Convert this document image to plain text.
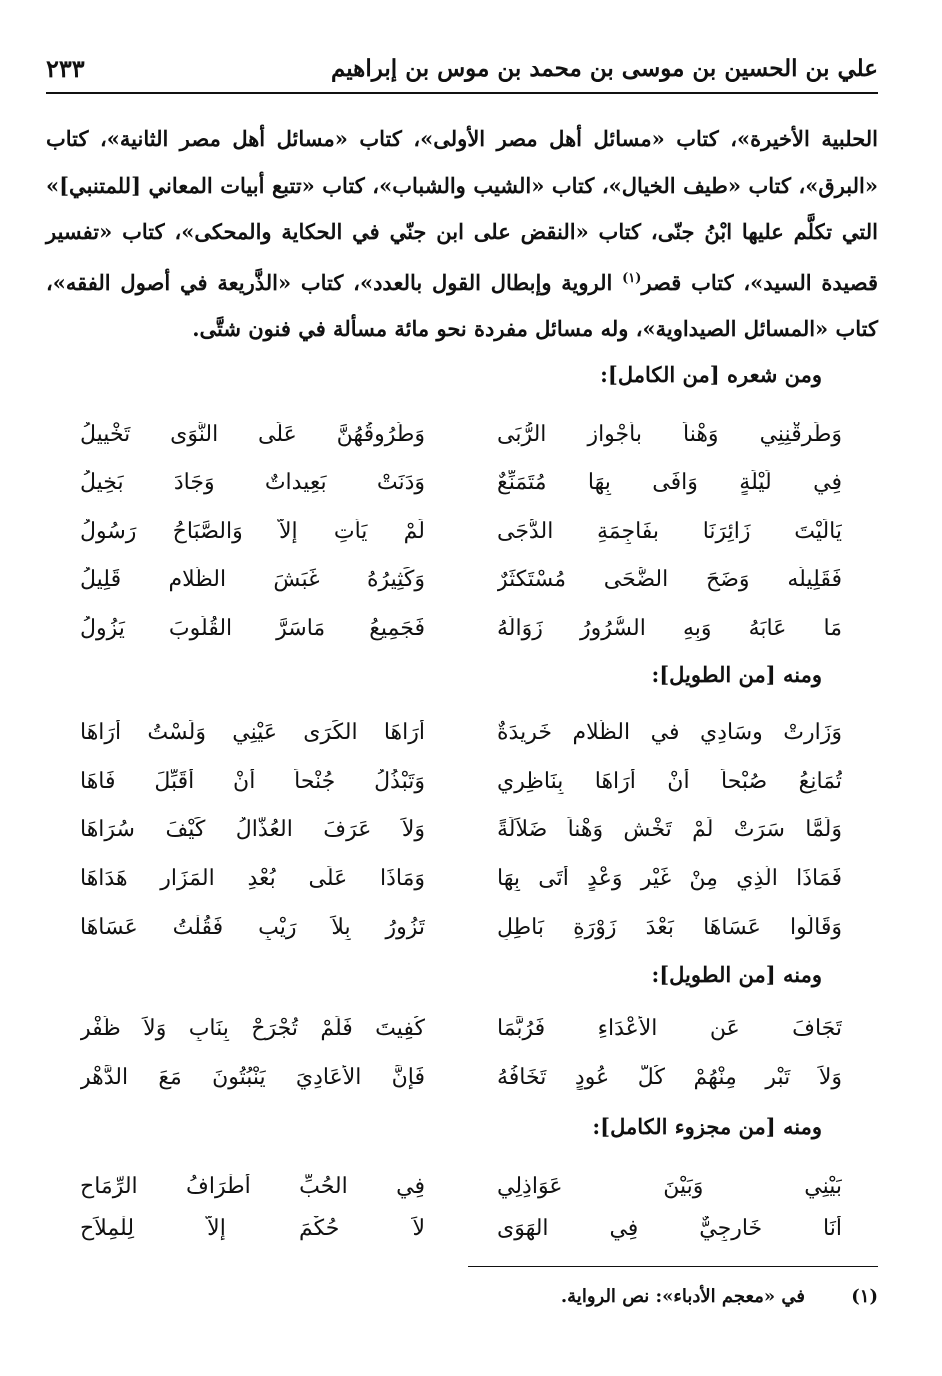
علي بن الحسين بن موسى بن محمد بن موس بن إبراهيم
٢٣٣
الحلبية الأخيرة»، كتاب «مسائل أهل مصر الأولى»، كتاب «مسائل أهل مصر الثانية»، كتاب «البرق»، كتاب «طيف الخيال»، كتاب «الشيب والشباب»، كتاب «تتبع أبيات المعاني [للمتنبي]» التي تكلَّم عليها ابْنُ جنّى، كتاب «النقض على ابن جنّي في الحكاية والمحكى»، كتاب «تفسير قصيدة السيد»، كتاب قصر$^{(١)}$ الروية وإبطال القول بالعدد»، كتاب «الذَّريعة في أصول الفقه»، كتاب «المسائل الصيداوية»، وله مسائل مفردة نحو مائة مسألة في فنون شتَّى.
ومن شعره [من الكامل]:
وَطَرقْنِنِي وَهْناً بأَجْوازِ الرُّبَى
وَطُرُوقُهُنَّ عَلَى النَّوَى تَخْييلُ
فِي لَيْلَةٍ وَافَى بِهَا مُتَمَنِّعٌ
وَدَنَتْ بَعِيداتٌ وَجَادَ بَخِيلُ
يَالَيْتَ زَائِرَنَا بفَاجِمَةِ الدُّجَى
لَمْ يَأْتِ إلاَّ وَالصَّبَاحُ رَسُولُ
فَقَلِيلُه وَضَحَ الضُّحَى مُسْتَكثَرٌ
وَكَثِيرُهُ غَبَشَ الظَّلامِ قَلِيلُ
مَا عَابَهُ وَبِهِ السُّرُورُ زَوَالُهُ
فَجَمِيعُ مَاسَرَّ القُلُوبَ يَزُولُ
ومنه [من الطويل]:
وَزَارتْ وِسَادِي في الظَّلام خَرِيدَةٌ
أَرَاهَا الكَرَى عَيْنِي وَلَسْتُ أَرَاهَا
تُمَانِعُ صُبْحاً أَنْ أَرَاهَا بِنَاظِرِي
وَتَبْذُلُ جُنْحاً أَنْ أُقَبِّلَ فَاهَا
وَلَمَّا سَرَتْ لَمْ تَخْش وَهْناً ضَلاَلَةً
وَلاَ عَرَفَ العُذَّالُ كَيْفَ سُرَاهَا
فَمَاذَا الَّذِي مِنْ غَيْرِ وَعْدٍ أَتَى بِهَا
وَمَاذَا عَلَى بُعْدِ المَزَارِ هَدَاهَا
وَقَالُوا عَسَاهَا بَعْدَ زَوْرَةِ بَاطِلٍ
تَزُورُ بِلاَ رَيْبٍ فَقُلْتُ عَسَاهَا
ومنه [من الطويل]:
تَجَافَ عَنِ الأَعْدَاءِ فَرُبَّمَا
كُفِيتَ فَلَمْ تُجْرَحْ بِنَابٍ وَلاَ ظُفْرِ
وَلاَ تَبْرِ مِنْهُمْ كُلَّ عُودٍ تَخَافُهُ
فَإِنَّ الأَعَادِيَ يَنْبُتُونَ مَعَ الدَّهْرِ
ومنه [من مجزوء الكامل]:
بَيْنِي وَبَيْنَ عَوَاذِلِي
فِي الحُبِّ أَطْرَافُ الرِّمَاحِ
أَنَا خَارِجِيٌّ فِي الهَوَى
لاَ حُكْمَ إلاَّ لِلْمِلاَحِ
(١) في «معجم الأدباء»: نص الرواية.
